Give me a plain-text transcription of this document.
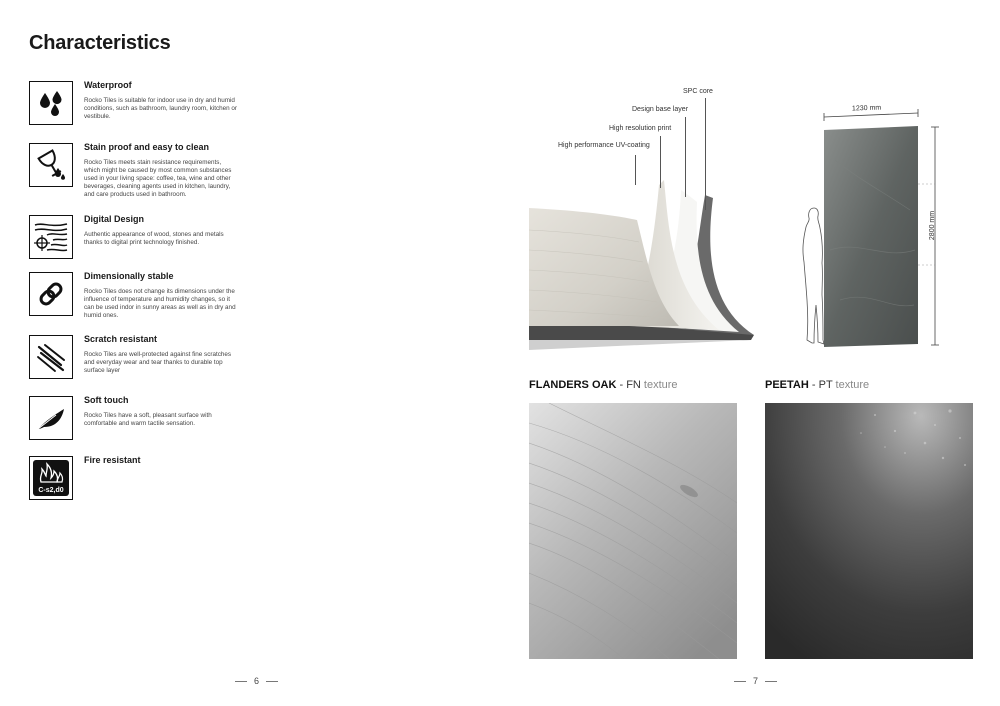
Characteristics
Waterproof
Rocko Tiles is suitable for indoor use in dry and humid conditions, such as bathroom, laundry room, kitchen or vestibule.
Stain proof and easy to clean
Rocko Tiles meets stain resistance requirements, which might be caused by most common substances used in your living space: coffee, tea, wine and other beverages, cleaning agents used in kitchen, laundry, and care products used in bathroom.
Digital Design
Authentic appearance of wood, stones and metals thanks to digital print technology finished.
Dimensionally stable
Rocko Tiles does not change its dimensions under the influence of temperature and humidity changes, so it can be used indor in sunny areas as well as in dry and humid ones.
Scratch resistant
Rocko Tiles are well-protected against fine scratches and everyday wear and tear thanks to durable top surface layer
Soft touch
Rocko Tiles have a soft, pleasant surface with comfortable and warm tactile sensation.
C-s2,d0
Fire resistant
6
SPC core
Design base layer
High resolution print
High performance UV-coating
1230 mm
2800 mm
FLANDERS OAK - FN texture	PEETAH - PT texture
7
